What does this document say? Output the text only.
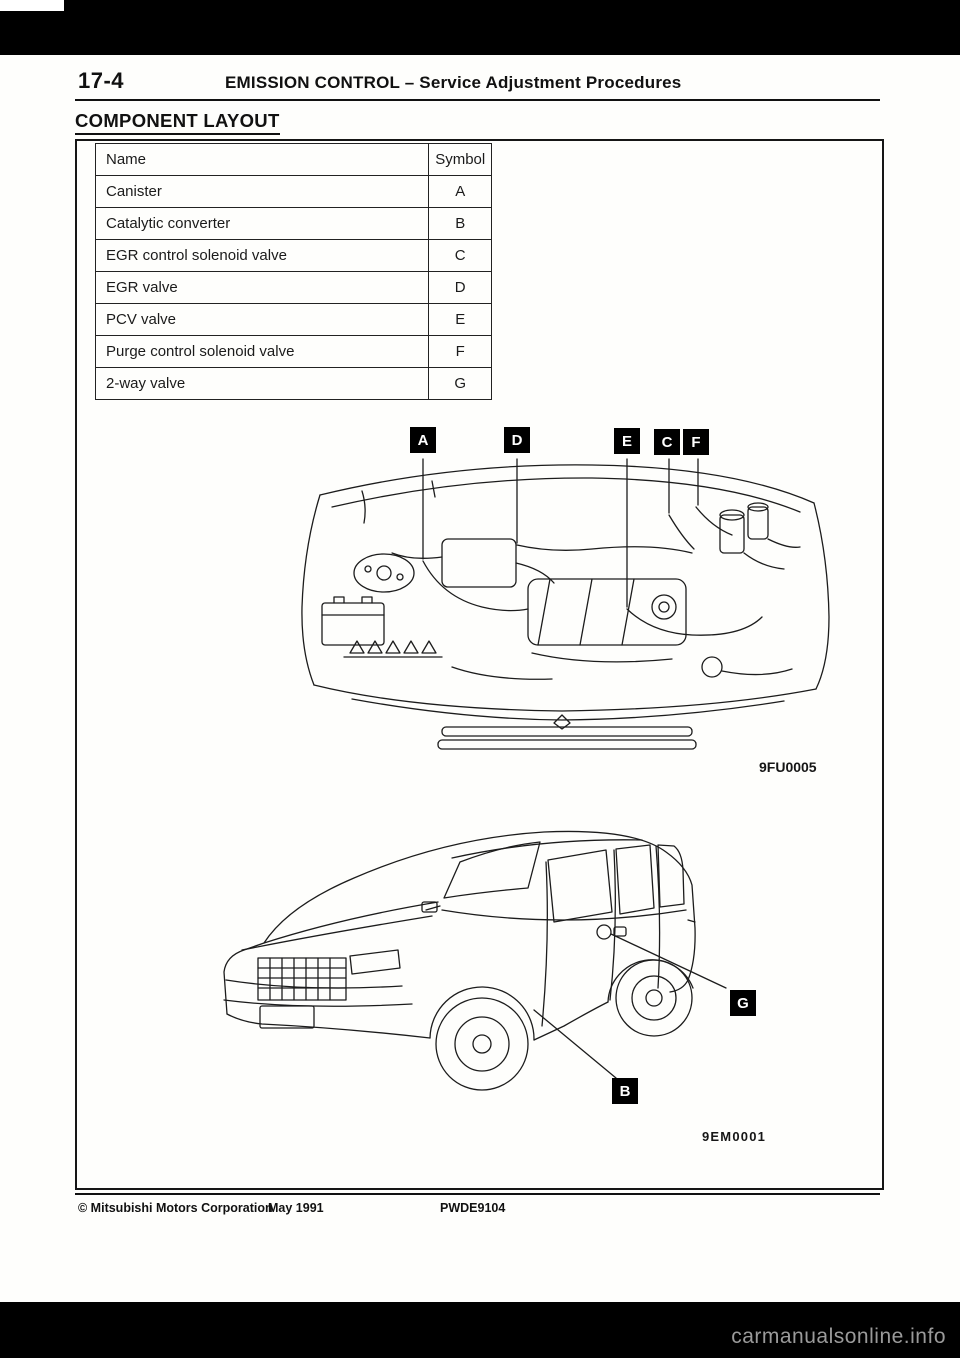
17-4	EMISSION CONTROL – Service Adjustment Procedures
COMPONENT LAYOUT
Name	Symbol
Canister	A
Catalytic converter	B
EGR control solenoid valve	C
EGR valve	D
PCV valve	E
Purge control solenoid valve	F
2-way valve	G
A	D	E	C	F
9FU0005
G
B
9EM0001
© Mitsubishi Motors Corporation
May 1991	PWDE9104
carmanualsonline.info
